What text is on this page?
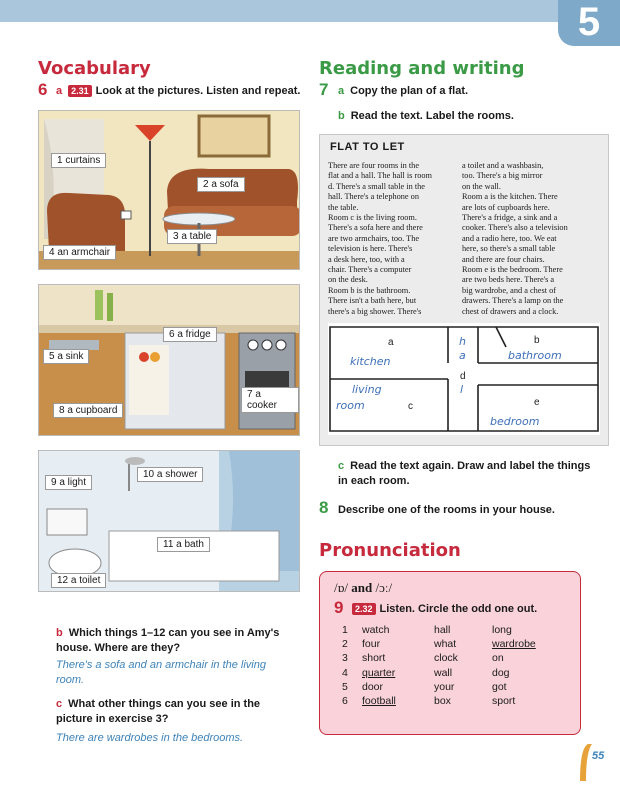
5
Vocabulary
6 a 2.31 Look at the pictures. Listen and repeat.
1 curtains
2 a sofa
3 a table
4 an armchair
6 a fridge
5 a sink
7 a cooker
8 a cupboard
10 a shower
9 a light
11 a bath
12 a toilet
b Which things 1–12 can you see in Amy's house. Where are they?
There's a sofa and an armchair in the living room.
c What other things can you see in the picture in exercise 3?
There are wardrobes in the bedrooms.
Reading and writing
7 a Copy the plan of a flat.
b Read the text. Label the rooms.
FLAT TO LET
There are four rooms in the
flat and a hall. The hall is room
d. There's a small table in the
hall. There's a telephone on
the table.
Room c is the living room.
There's a sofa here and there
are two armchairs, too. The
television is here. There's
a desk here, too, with a
chair. There's a computer
on the desk.
Room b is the bathroom.
There isn't a bath here, but
there's a big shower. There's
a toilet and a washbasin,
too. There's a big mirror
on the wall.
Room a is the kitchen. There
are lots of cupboards here.
There's a fridge, a sink and a
cooker. There's also a television
and a radio here, too. We eat
here, so there's a small table
and there are four chairs.
Room e is the bedroom. There
are two beds here. There's a
big wardrobe, and a chest of
drawers. There's a lamp on the
chest of drawers and a clock.
a	b
c
d
e
kitchen	bathroom
living
room
bedroom
h
a
l
c Read the text again. Draw and label the things in each room.
8 Describe one of the rooms in your house.
Pronunciation
/ɒ/ and /ɔː/
9	2.32 Listen. Circle the odd one out.
1 watch	hall	long
2 four	what	wardrobe
3 short	clock	on
4 quarter	wall	dog
5 door	your	got
6 football	box	sport
55
